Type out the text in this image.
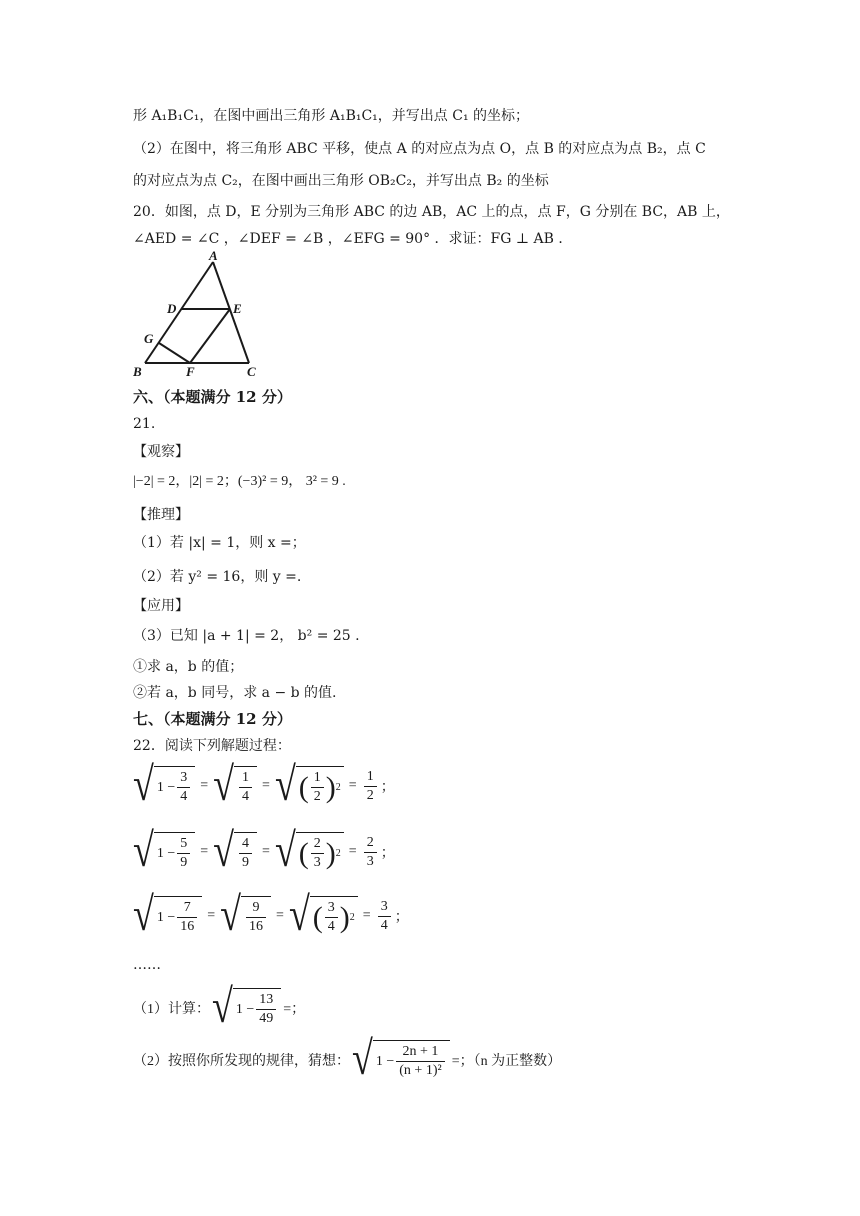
形 A₁B₁C₁，在图中画出三角形 A₁B₁C₁，并写出点 C₁ 的坐标；
（2）在图中，将三角形 ABC 平移，使点 A 的对应点为点 O，点 B 的对应点为点 B₂，点 C
的对应点为点 C₂，在图中画出三角形 OB₂C₂，并写出点 B₂ 的坐标
20．如图，点 D，E 分别为三角形 ABC 的边 AB，AC 上的点，点 F，G 分别在 BC，AB 上，
∠AED = ∠C ，∠DEF = ∠B ，∠EFG = 90° ．求证：FG ⊥ AB ．
A
D	E
G
B	F	C
六、（本题满分 12 分）
21.
【观察】
|−2| = 2，|2| = 2；(−3)² = 9， 3² = 9 .
【推理】
（1）若 |x| = 1，则 x =；
（2）若 y² = 16，则 y =.
【应用】
（3）已知 |a + 1| = 2， b² = 25 .
①求 a，b 的值；
②若 a，b 同号，求 a − b 的值.
七、（本题满分 12 分）
22．阅读下列解题过程：
√ $1 - \frac{3}{4}$ = √ $\frac{1}{4}$ = √ ( $\frac{1}{2}$ ) $2 = \frac{1}{2}$ ；
√ $1 - \frac{5}{9}$ = √ $\frac{4}{9}$ = √ ( $\frac{2}{3}$ ) $2 = \frac{2}{3}$ ；
√ $1 - \frac{7}{16}$ = √ $\frac{9}{16}$ = √ ( $\frac{3}{4}$ ) $2 = \frac{3}{4}$ ；
……
（1）计算： √ $1 - \frac{13}{49}$ =；
（2）按照你所发现的规律，猜想： √ $1 - \frac{2n + 1}{\text{(n + 1)²}}$ =；（n 为正整数）
